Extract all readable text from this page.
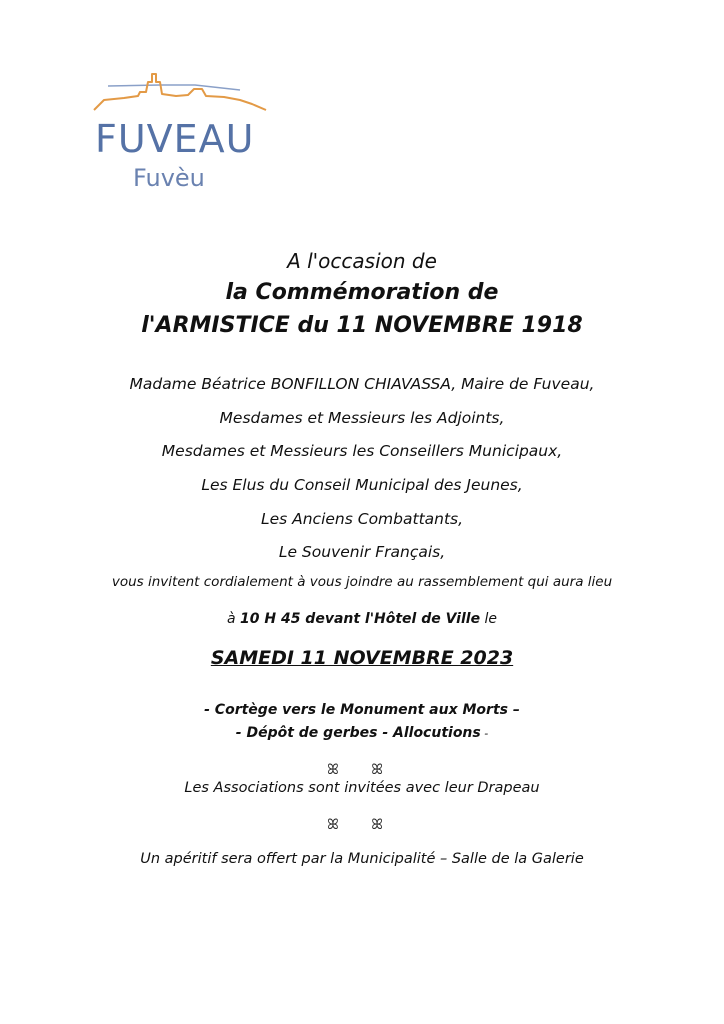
FUVEAU
Fuvèu
A l'occasion de
la Commémoration de
l'ARMISTICE du 11 NOVEMBRE 1918
Madame Béatrice BONFILLON CHIAVASSA, Maire de Fuveau,
Mesdames et Messieurs les Adjoints,
Mesdames et Messieurs les Conseillers Municipaux,
Les Elus du Conseil Municipal des Jeunes,
Les Anciens Combattants,
Le Souvenir Français,
vous invitent cordialement à vous joindre au rassemblement qui aura lieu
à 10 H 45 devant l'Hôtel de Ville le
SAMEDI 11 NOVEMBRE 2023
- Cortège vers le Monument aux Morts –
- Dépôt de gerbes - Allocutions -
ꕤ ꕤ
Les Associations sont invitées avec leur Drapeau
ꕤ ꕤ
Un apéritif sera offert par la Municipalité – Salle de la Galerie
